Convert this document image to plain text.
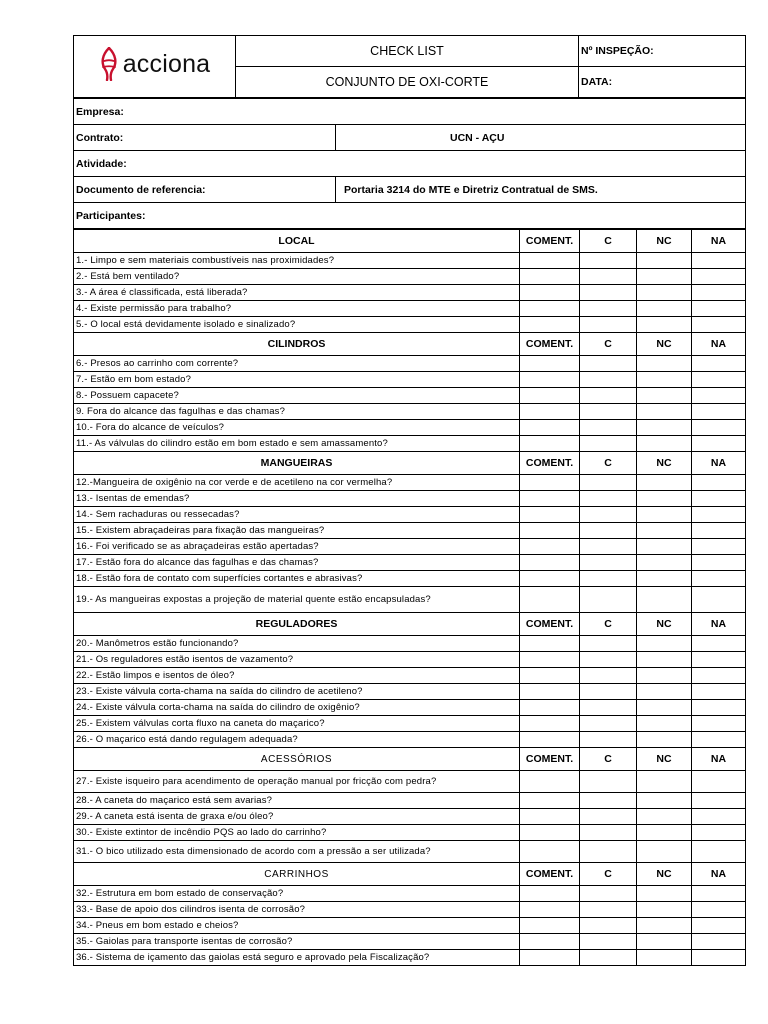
acciona	CHECK LIST	Nº INSPEÇÃO:
	CONJUNTO DE OXI-CORTE	DATA:
Empresa:	
Contrato:	UCN - AÇU
Atividade:	
Documento de referencia:	Portaria 3214 do MTE e Diretriz Contratual de SMS.
Participantes:	
LOCAL	COMENT.	C	NC	NA
1.- Limpo e sem materiais combustíveis nas proximidades?				
2.- Está bem ventilado?				
3.- A área é classificada, está liberada?				
4.- Existe permissão para trabalho?				
5.- O local está devidamente isolado e sinalizado?				
CILINDROS	COMENT.	C	NC	NA
6.- Presos ao carrinho com corrente?				
7.- Estão em bom estado?				
8.- Possuem capacete?				
9. Fora do alcance das fagulhas e das chamas?				
10.- Fora do alcance de veículos?				
11.- As válvulas do cilindro estão em bom estado e sem amassamento?				
MANGUEIRAS	COMENT.	C	NC	NA
12.-Mangueira de oxigênio na cor verde e de acetileno na cor vermelha?				
13.- Isentas de emendas?				
14.- Sem rachaduras ou ressecadas?				
15.- Existem abraçadeiras para fixação das mangueiras?				
16.- Foi verificado se as abraçadeiras estão apertadas?				
17.- Estão fora do alcance das fagulhas e das chamas?				
18.- Estão fora de contato com superfícies cortantes e abrasivas?				
19.- As mangueiras expostas a projeção de material quente estão encapsuladas?				
REGULADORES	COMENT.	C	NC	NA
20.- Manômetros estão funcionando?				
21.- Os reguladores estão isentos de vazamento?				
22.- Estão limpos e isentos de óleo?				
23.- Existe válvula corta-chama na saída do cilindro de acetileno?				
24.- Existe válvula corta-chama na saída do cilindro de oxigênio?				
25.- Existem válvulas corta fluxo na caneta do maçarico?				
26.- O maçarico está dando regulagem adequada?				
ACESSÓRIOS	COMENT.	C	NC	NA
27.- Existe isqueiro para acendimento de operação manual por fricção com pedra?				
28.- A caneta do maçarico está sem avarias?				
29.- A caneta está isenta de graxa e/ou óleo?				
30.- Existe extintor de incêndio PQS ao lado do carrinho?				
31.- O bico utilizado esta dimensionado de acordo com a pressão a ser utilizada?				
CARRINHOS	COMENT.	C	NC	NA
32.- Estrutura em bom estado de conservação?				
33.- Base de apoio dos cilindros isenta de corrosão?				
34.- Pneus em bom estado e cheios?				
35.- Gaiolas para transporte isentas de corrosão?				
36.- Sistema de içamento das gaiolas está seguro e aprovado pela Fiscalização?				
